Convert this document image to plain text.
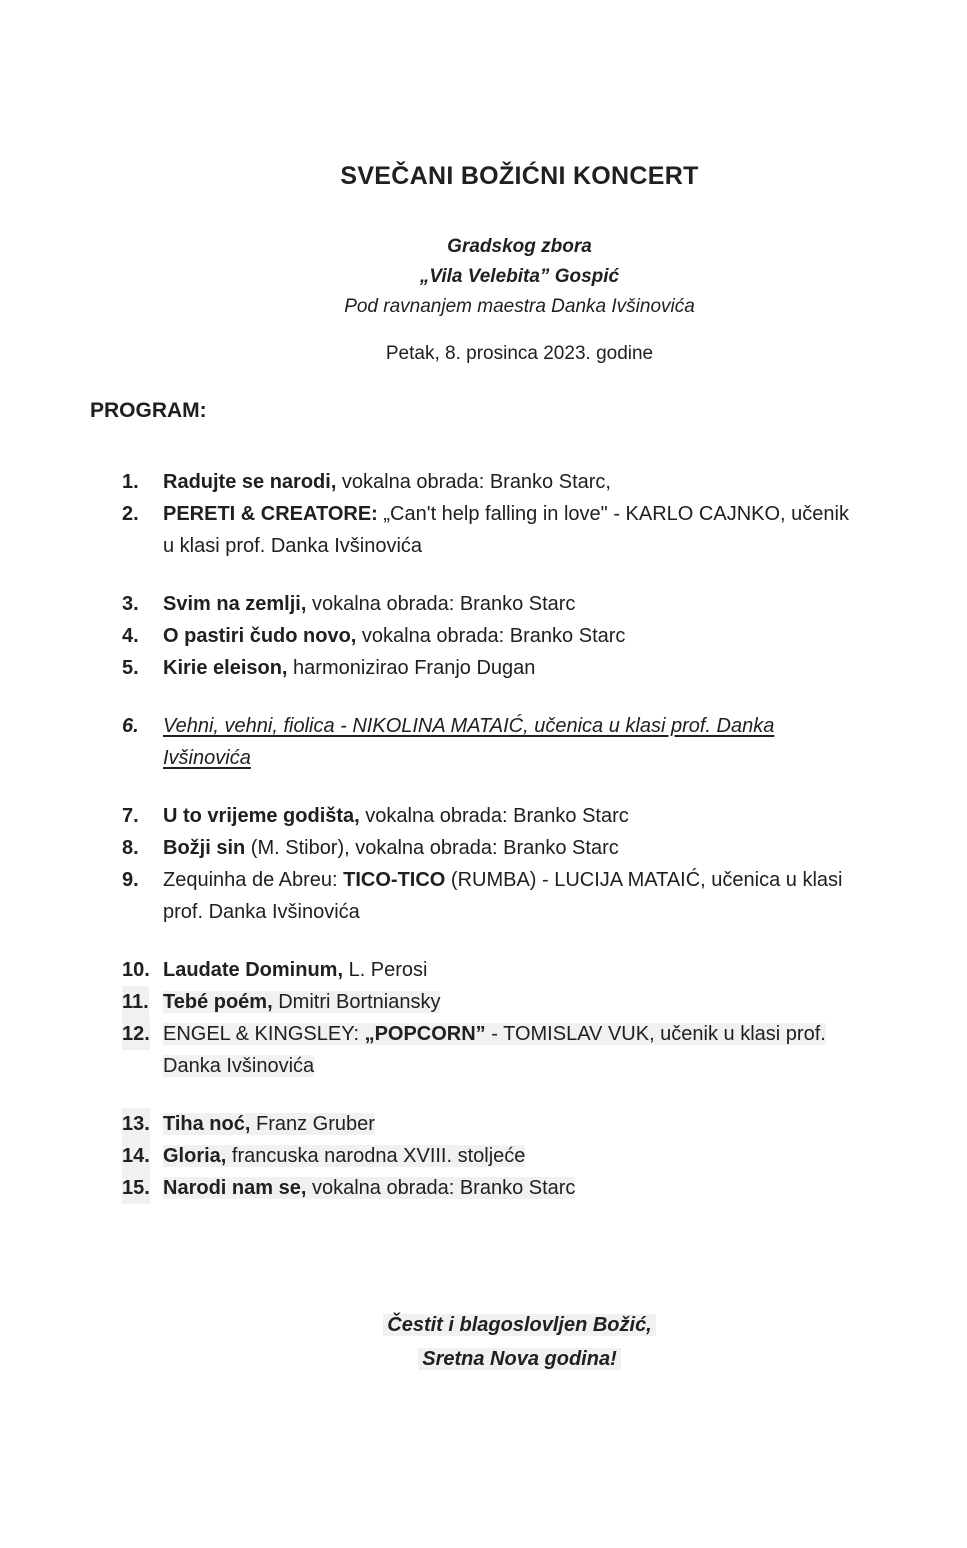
SVEČANI BOŽIĆNI KONCERT
Gradskog zbora
„Vila Velebita” Gospić
Pod ravnanjem maestra Danka Ivšinovića
Petak, 8. prosinca 2023. godine
PROGRAM:
1. Radujte se narodi, vokalna obrada: Branko Starc,
2. PERETI & CREATORE: „Can't help falling in love" - KARLO CAJNKO, učenik
u klasi prof. Danka Ivšinovića
3. Svim na zemlji, vokalna obrada: Branko Starc
4. O pastiri čudo novo, vokalna obrada: Branko Starc
5. Kirie eleison, harmonizirao Franjo Dugan
6. Vehni, vehni, fiolica - NIKOLINA MATAIĆ, učenica u klasi prof. Danka
Ivšinovića
7. U to vrijeme godišta, vokalna obrada: Branko Starc
8. Božji sin (M. Stibor), vokalna obrada: Branko Starc
9. Zequinha de Abreu: TICO-TICO (RUMBA) - LUCIJA MATAIĆ, učenica u klasi
prof. Danka Ivšinovića
10. Laudate Dominum, L. Perosi
11. Tebé poém, Dmitri Bortniansky
12. ENGEL & KINGSLEY: „POPCORN” - TOMISLAV VUK, učenik u klasi prof.
Danka Ivšinovića
13. Tiha noć, Franz Gruber
14. Gloria, francuska narodna XVIII. stoljeće
15. Narodi nam se, vokalna obrada: Branko Starc
Čestit i blagoslovljen Božić,
Sretna Nova godina!
